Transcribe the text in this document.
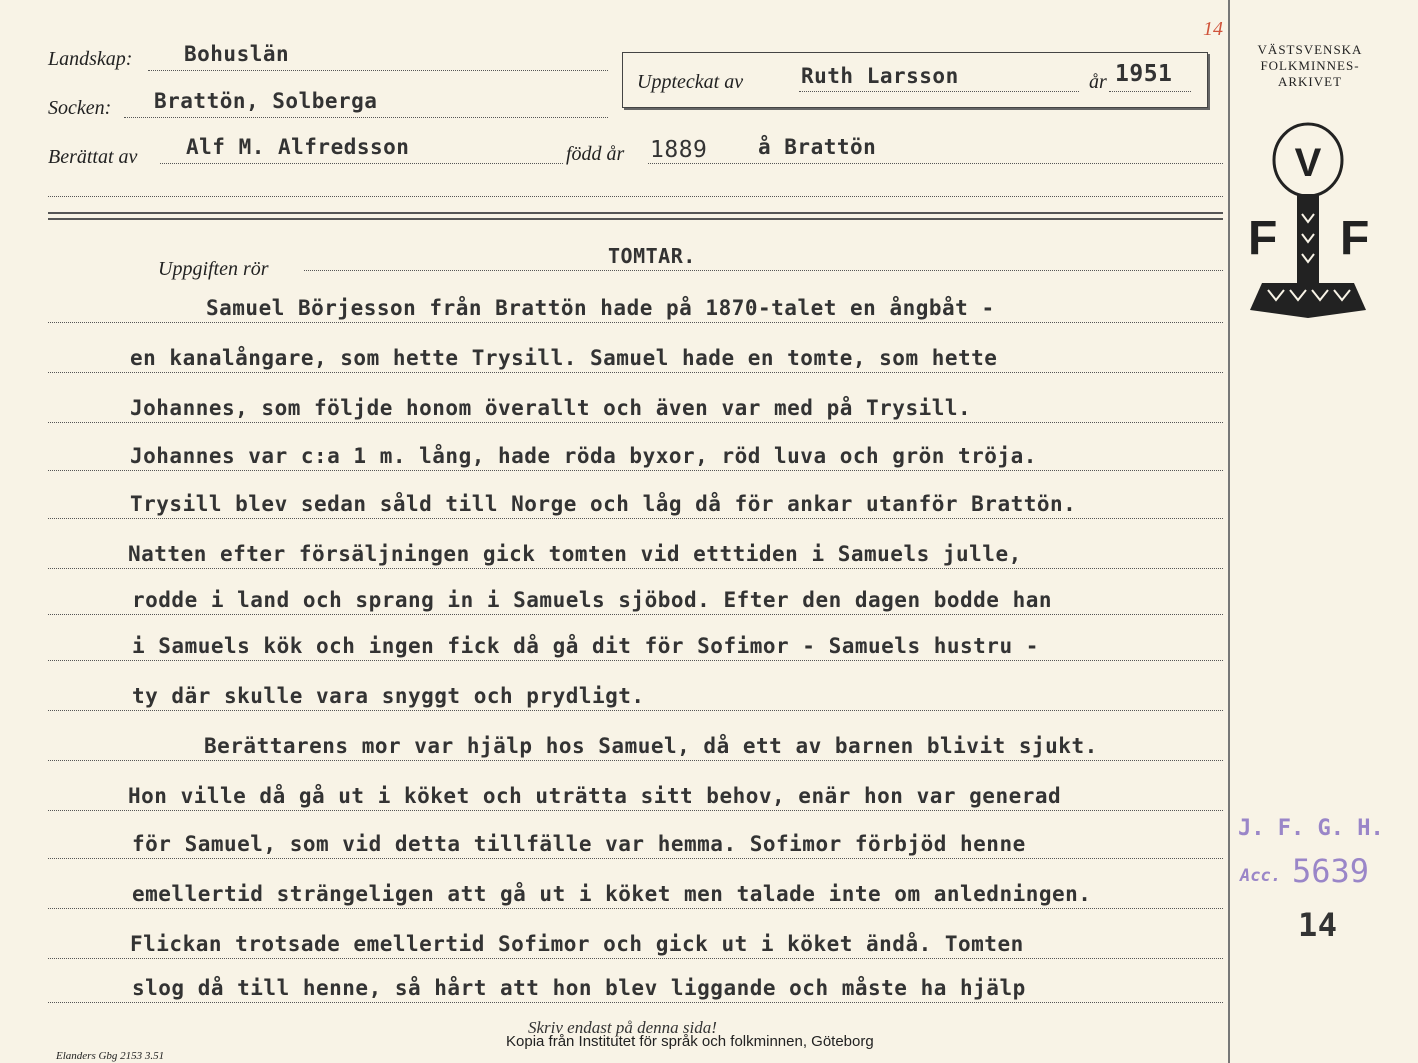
14
Landskap: Bohuslän
Socken: Brattön, Solberga
Uppteckat av	Ruth Larsson	år 1951
Berättat av Alf M. Alfredsson	född år 1889 å Brattön
Uppgiften rör
TOMTAR.
Samuel Börjesson från Brattön hade på 1870-talet en ångbåt -
en kanalångare, som hette Trysill. Samuel hade en tomte, som hette
Johannes, som följde honom överallt och även var med på Trysill.
Johannes var c:a 1 m. lång, hade röda byxor, röd luva och grön tröja.
Trysill blev sedan såld till Norge och låg då för ankar utanför Brattön.
Natten efter försäljningen gick tomten vid etttiden i Samuels julle,
rodde i land och sprang in i Samuels sjöbod. Efter den dagen bodde han
i Samuels kök och ingen fick då gå dit för Sofimor - Samuels hustru -
ty där skulle vara snyggt och prydligt.
Berättarens mor var hjälp hos Samuel, då ett av barnen blivit sjukt.
Hon ville då gå ut i köket och uträtta sitt behov, enär hon var generad
för Samuel, som vid detta tillfälle var hemma. Sofimor förbjöd henne
emellertid strängeligen att gå ut i köket men talade inte om anledningen.
Flickan trotsade emellertid Sofimor och gick ut i köket ändå. Tomten
slog då till henne, så hårt att hon blev liggande och måste ha hjälp
VÄSTSVENSKA
FOLKMINNES-
ARKIVET
V
F F
J. F. G. H.
Acc. 5639
14
Skriv endast på denna sida!
Elanders Gbg 2153 3.51
Kopia från Institutet för språk och folkminnen, Göteborg
